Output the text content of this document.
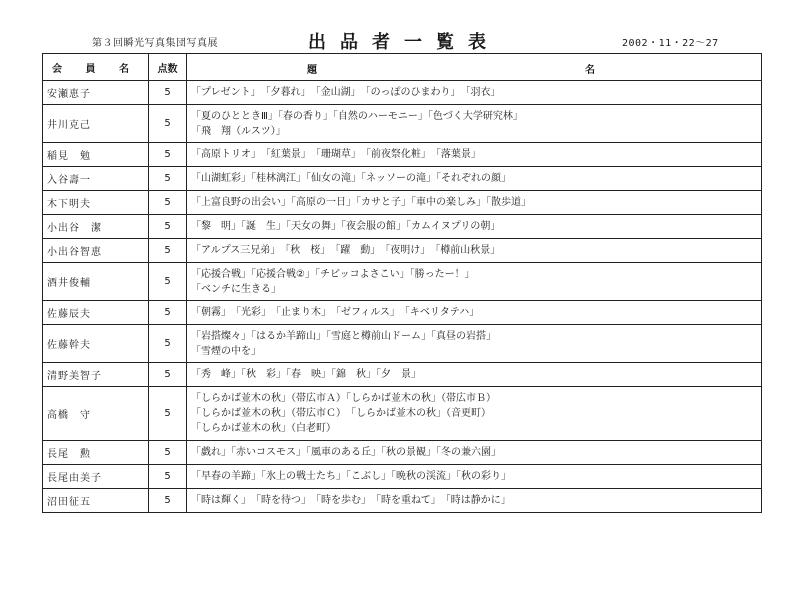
第３回瞬光写真集団写真展	出品者一覧表	2002・11・22～27
会 員 名	点数	題 名

安瀬恵子	5	「プレゼント」　「夕暮れ」　「金山湖」　「のっぽのひまわり」　「羽衣」

井川克己	5	「夏のひとときⅢ」「春の香り」「自然のハーモニー」「色づく大学研究林」
「飛　翔（ルスツ）」

稲見　勉	5	「高原トリオ」　「紅葉景」　「珊瑚草」　「前夜祭化粧」　「落葉景」

入谷壽一	5	「山湖虹彩」「桂林漓江」「仙女の滝」「ネッソーの滝」「それぞれの顔」

木下明夫	5	「上富良野の出会い」「高原の一日」「カサと子」「車中の楽しみ」「散歩道」

小出谷　潔	5	「黎　明」「誕　生」「天女の舞」「夜会服の館」「カムイヌプリの朝」

小出谷智恵	5	「アルプス三兄弟」　「秋　桜」　「躍　動」　「夜明け」　「樽前山秋景」

酒井俊輔	5	「応援合戦」「応援合戦②」「チビッコよさこい」「勝ったー！」
「ベンチに生きる」

佐藤辰夫	5	「朝霧」　「光彩」　「止まり木」　「ゼフィルス」　「キベリタテハ」

佐藤幹夫	5	「岩搭燦々」「はるか羊蹄山」「雪庭と樽前山ドーム」「真昼の岩搭」
「雪煙の中を」

清野美智子	5	「秀　峰」「秋　彩」「春　映」「錦　秋」「夕　景」

高橋　守	5	「しらかば並木の秋」（帯広市Ａ）「しらかば並木の秋」（帯広市Ｂ）
「しらかば並木の秋」（帯広市Ｃ）　「しらかば並木の秋」（音更町）
「しらかば並木の秋」（白老町）

長尾　勲	5	「戯れ」「赤いコスモス」「風車のある丘」「秋の景観」「冬の兼六園」

長尾由美子	5	「早春の羊蹄」「氷上の戦士たち」「こぶし」「晩秋の渓流」「秋の彩り」

沼田征五	5	「時は輝く」　「時を待つ」　「時を歩む」　「時を重ねて」　「時は静かに」
